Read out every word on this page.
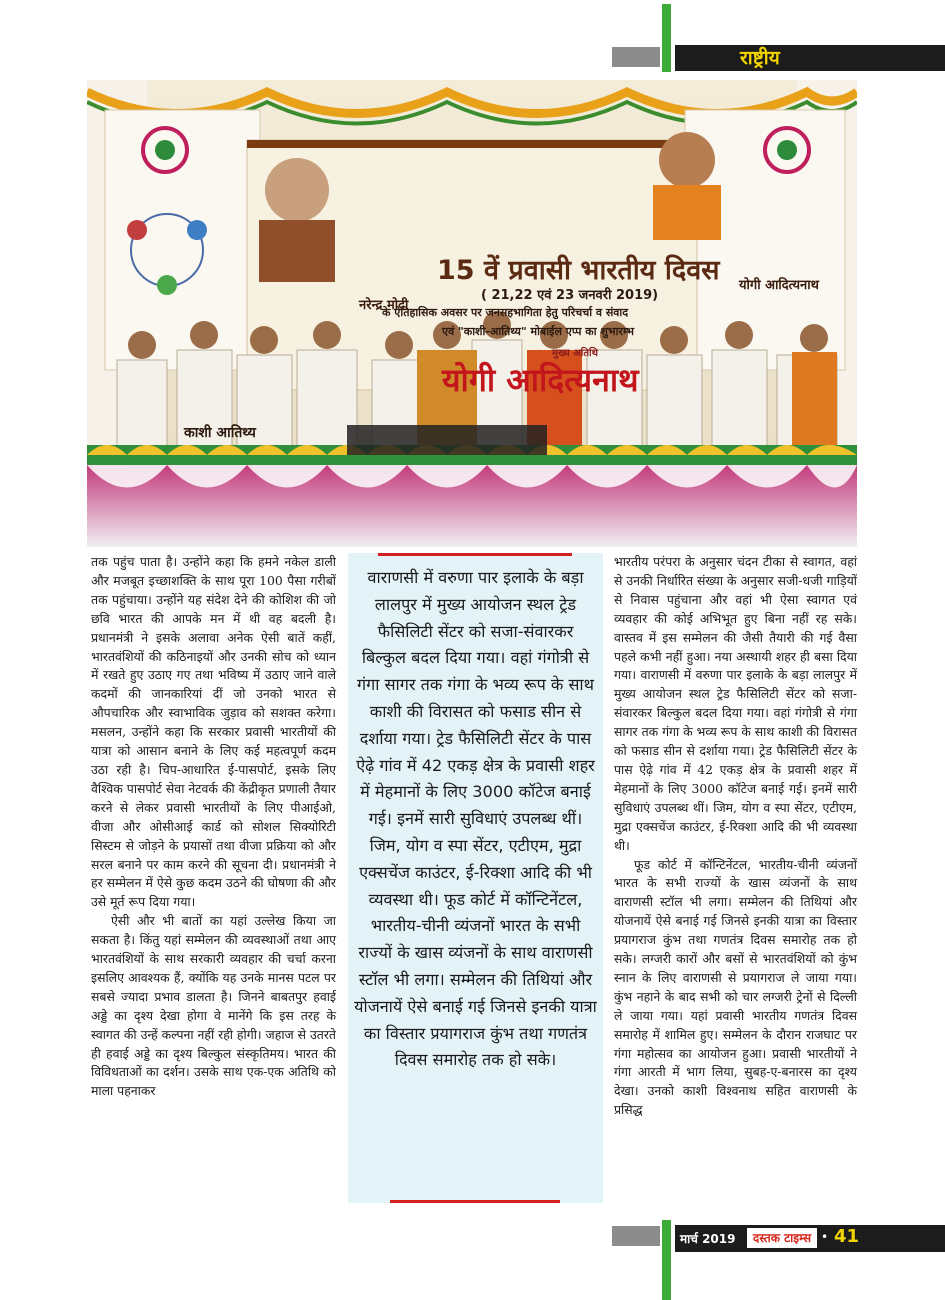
राष्ट्रीय
15 वें प्रवासी भारतीय दिवस
( 21,22 एवं 23 जनवरी 2019)
के ऐतिहासिक अवसर पर जनसहभागिता हेतु परिचर्चा व संवाद
एवं "काशी-आतिथ्य" मोबाईल एप्प का शुभारम्भ
मुख्य अतिथि
योगी आदित्यनाथ
नरेन्द्र मोदी
योगी आदित्यनाथ
काशी आतिथ्य

तक पहुंच पाता है। उन्होंने कहा कि हमने नकेल डाली और मजबूत इच्छाशक्ति के साथ पूरा 100 पैसा गरीबों तक पहुंचाया। उन्होंने यह संदेश देने की कोशिश की जो छवि भारत की आपके मन में थी वह बदली है। प्रधानमंत्री ने इसके अलावा अनेक ऐसी बातें कहीं, भारतवंशियों की कठिनाइयों और उनकी सोच को ध्यान में रखते हुए उठाए गए तथा भविष्य में उठाए जाने वाले कदमों की जानकारियां दीं जो उनको भारत से औपचारिक और स्वाभाविक जुड़ाव को सशक्त करेगा। मसलन, उन्होंने कहा कि सरकार प्रवासी भारतीयों की यात्रा को आसान बनाने के लिए कई महत्वपूर्ण कदम उठा रही है। चिप-आधारित ई-पासपोर्ट, इसके लिए वैश्विक पासपोर्ट सेवा नेटवर्क की केंद्रीकृत प्रणाली तैयार करने से लेकर प्रवासी भारतीयों के लिए पीआईओ, वीजा और ओसीआई कार्ड को सोशल सिक्योरिटी सिस्टम से जोड़ने के प्रयासों तथा वीजा प्रक्रिया को और सरल बनाने पर काम करने की सूचना दी। प्रधानमंत्री ने हर सम्मेलन में ऐसे कुछ कदम उठने की घोषणा की और उसे मूर्त रूप दिया गया।

ऐसी और भी बातों का यहां उल्लेख किया जा सकता है। किंतु यहां सम्मेलन की व्यवस्थाओं तथा आए भारतवंशियों के साथ सरकारी व्यवहार की चर्चा करना इसलिए आवश्यक हैं, क्योंकि यह उनके मानस पटल पर सबसे ज्यादा प्रभाव डालता है। जिनने बाबतपुर हवाई अड्डे का दृश्य देखा होगा वे मानेंगे कि इस तरह के स्वागत की उन्हें कल्पना नहीं रही होगी। जहाज से उतरते ही हवाई अड्डे का दृश्य बिल्कुल संस्कृतिमय। भारत की विविधताओं का दर्शन। उसके साथ एक-एक अतिथि को माला पहनाकर

वाराणसी में वरुणा पार इलाके के बड़ा लालपुर में मुख्य आयोजन स्थल ट्रेड फैसिलिटी सेंटर को सजा-संवारकर बिल्कुल बदल दिया गया। वहां गंगोत्री से गंगा सागर तक गंगा के भव्य रूप के साथ काशी की विरासत को फसाड सीन से दर्शाया गया। ट्रेड फैसिलिटी सेंटर के पास ऐढ़े गांव में 42 एकड़ क्षेत्र के प्रवासी शहर में मेहमानों के लिए 3000 कॉटेज बनाई गई। इनमें सारी सुविधाएं उपलब्ध थीं। जिम, योग व स्पा सेंटर, एटीएम, मुद्रा एक्सचेंज काउंटर, ई-रिक्शा आदि की भी व्यवस्था थी। फूड कोर्ट में कॉन्टिनेंटल, भारतीय-चीनी व्यंजनों भारत के सभी राज्यों के खास व्यंजनों के साथ वाराणसी स्टॉल भी लगा। सम्मेलन की तिथियां और योजनायें ऐसे बनाई गई जिनसे इनकी यात्रा का विस्तार प्रयागराज कुंभ तथा गणतंत्र दिवस समारोह तक हो सके।

भारतीय परंपरा के अनुसार चंदन टीका से स्वागत, वहां से उनकी निर्धारित संख्या के अनुसार सजी-धजी गाड़ियों से निवास पहुंचाना और वहां भी ऐसा स्वागत एवं व्यवहार की कोई अभिभूत हुए बिना नहीं रह सके। वास्तव में इस सम्मेलन की जैसी तैयारी की गई वैसा पहले कभी नहीं हुआ। नया अस्थायी शहर ही बसा दिया गया। वाराणसी में वरुणा पार इलाके के बड़ा लालपुर में मुख्य आयोजन स्थल ट्रेड फैसिलिटी सेंटर को सजा-संवारकर बिल्कुल बदल दिया गया। वहां गंगोत्री से गंगा सागर तक गंगा के भव्य रूप के साथ काशी की विरासत को फसाड सीन से दर्शाया गया। ट्रेड फैसिलिटी सेंटर के पास ऐढ़े गांव में 42 एकड़ क्षेत्र के प्रवासी शहर में मेहमानों के लिए 3000 कॉटेज बनाई गई। इनमें सारी सुविधाएं उपलब्ध थीं। जिम, योग व स्पा सेंटर, एटीएम, मुद्रा एक्सचेंज काउंटर, ई-रिक्शा आदि की भी व्यवस्था थी।

फूड कोर्ट में कॉन्टिनेंटल, भारतीय-चीनी व्यंजनों भारत के सभी राज्यों के खास व्यंजनों के साथ वाराणसी स्टॉल भी लगा। सम्मेलन की तिथियां और योजनायें ऐसे बनाई गई जिनसे इनकी यात्रा का विस्तार प्रयागराज कुंभ तथा गणतंत्र दिवस समारोह तक हो सके। लग्जरी कारों और बसों से भारतवंशियों को कुंभ स्नान के लिए वाराणसी से प्रयागराज ले जाया गया। कुंभ नहाने के बाद सभी को चार लग्जरी ट्रेनों से दिल्ली ले जाया गया। यहां प्रवासी भारतीय गणतंत्र दिवस समारोह में शामिल हुए। सम्मेलन के दौरान राजघाट पर गंगा महोत्सव का आयोजन हुआ। प्रवासी भारतीयों ने गंगा आरती में भाग लिया, सुबह-ए-बनारस का दृश्य देखा। उनको काशी विश्वनाथ सहित वाराणसी के प्रसिद्ध

मार्च 2019	दस्तक टाइम्स • 41
